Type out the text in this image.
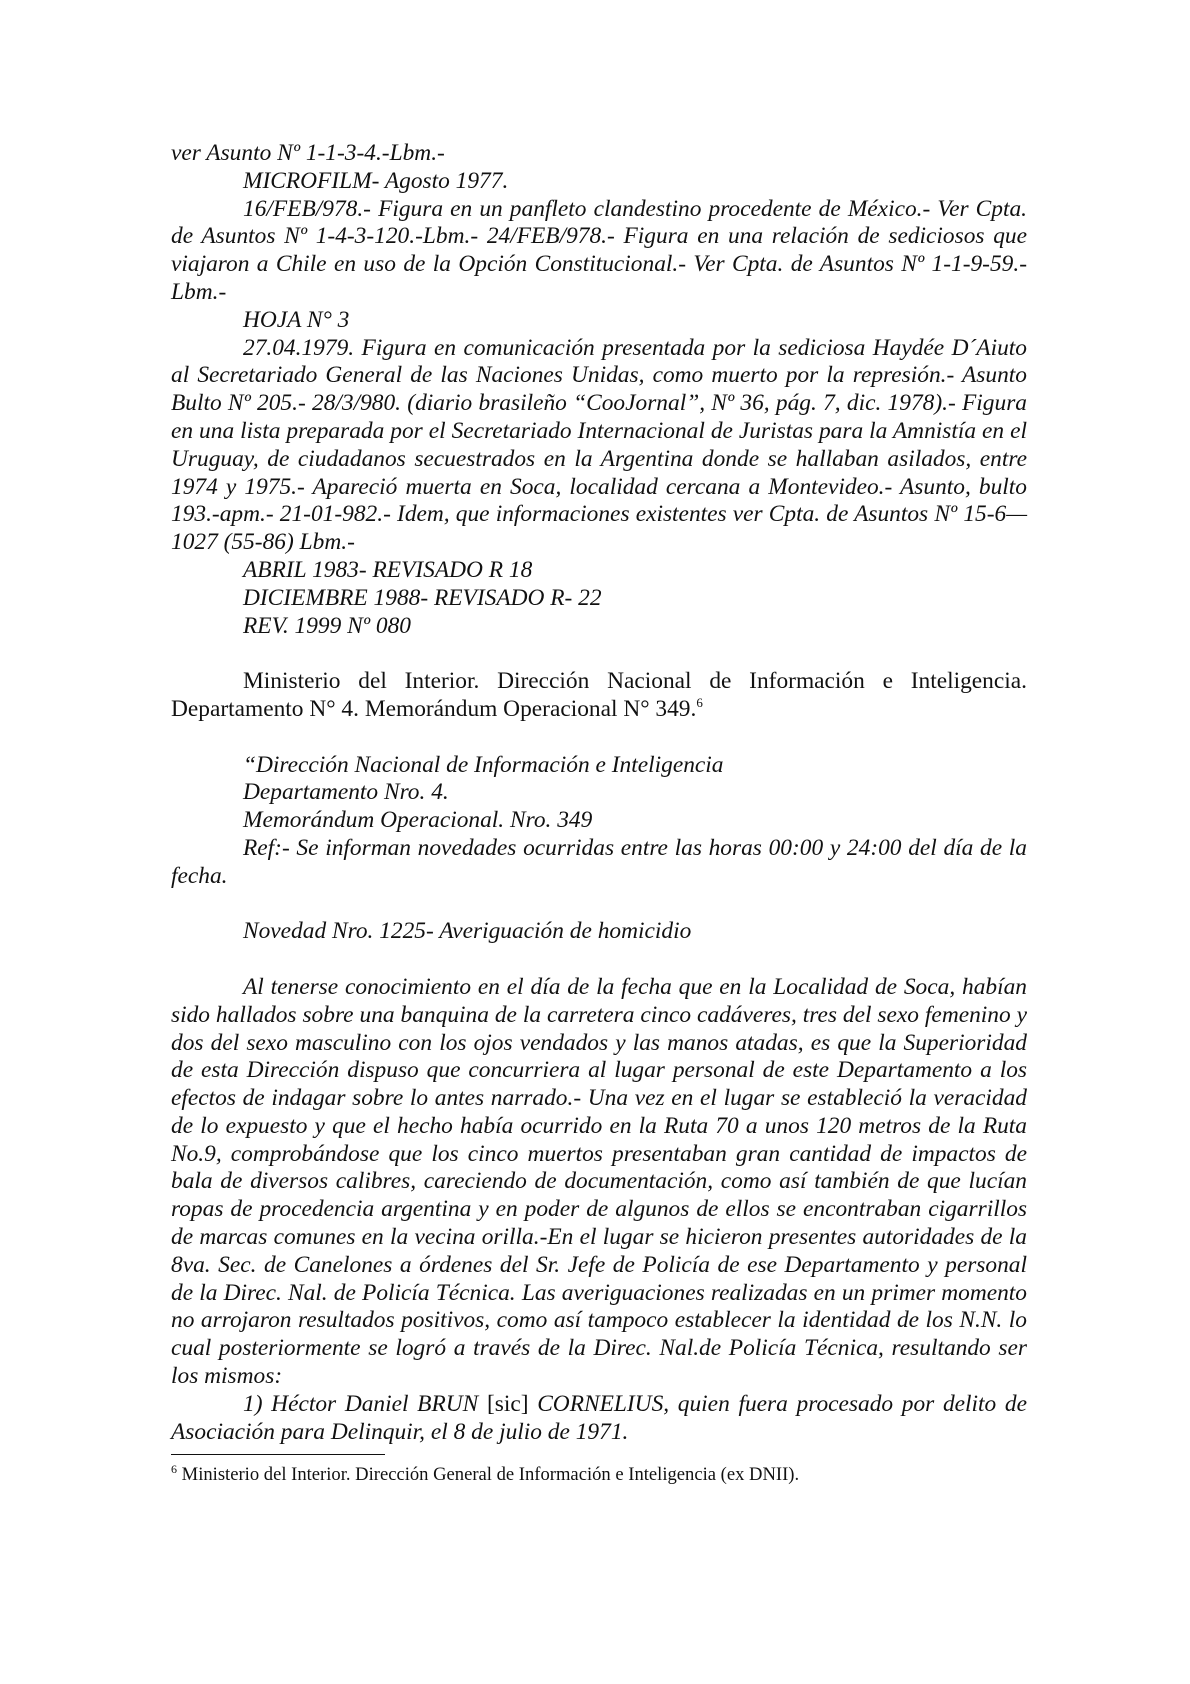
ver Asunto Nº 1-1-3-4.-Lbm.-

MICROFILM- Agosto 1977.

16/FEB/978.- Figura en un panfleto clandestino procedente de México.- Ver Cpta. de Asuntos Nº 1-4-3-120.-Lbm.- 24/FEB/978.- Figura en una relación de sediciosos que viajaron a Chile en uso de la Opción Constitucional.- Ver Cpta. de Asuntos Nº 1-1-9-59.-Lbm.-

HOJA N° 3

27.04.1979. Figura en comunicación presentada por la sediciosa Haydée D´Aiuto al Secretariado General de las Naciones Unidas, como muerto por la represión.- Asunto Bulto Nº 205.- 28/3/980. (diario brasileño “CooJornal”, Nº 36, pág. 7, dic. 1978).- Figura en una lista preparada por el Secretariado Internacional de Juristas para la Amnistía en el Uruguay, de ciudadanos secuestrados en la Argentina donde se hallaban asilados, entre 1974 y 1975.- Apareció muerta en Soca, localidad cercana a Montevideo.- Asunto, bulto 193.-apm.- 21-01-982.- Idem, que informaciones existentes ver Cpta. de Asuntos Nº 15-6—1027 (55-86) Lbm.-

ABRIL 1983- REVISADO R 18

DICIEMBRE 1988- REVISADO R- 22

REV. 1999 Nº 080

Ministerio del Interior. Dirección Nacional de Información e Inteligencia. Departamento N° 4. Memorándum Operacional N° 349.$^6$

“Dirección Nacional de Información e Inteligencia

Departamento Nro. 4.

Memorándum Operacional. Nro. 349

Ref:- Se informan novedades ocurridas entre las horas 00:00 y 24:00 del día de la fecha.

Novedad Nro. 1225- Averiguación de homicidio

Al tenerse conocimiento en el día de la fecha que en la Localidad de Soca, habían sido hallados sobre una banquina de la carretera cinco cadáveres, tres del sexo femenino y dos del sexo masculino con los ojos vendados y las manos atadas, es que la Superioridad de esta Dirección dispuso que concurriera al lugar personal de este Departamento a los efectos de indagar sobre lo antes narrado.- Una vez en el lugar se estableció la veracidad de lo expuesto y que el hecho había ocurrido en la Ruta 70 a unos 120 metros de la Ruta No.9, comprobándose que los cinco muertos presentaban gran cantidad de impactos de bala de diversos calibres, careciendo de documentación, como así también de que lucían ropas de procedencia argentina y en poder de algunos de ellos se encontraban cigarrillos de marcas comunes en la vecina orilla.-En el lugar se hicieron presentes autoridades de la 8va. Sec. de Canelones a órdenes del Sr. Jefe de Policía de ese Departamento y personal de la Direc. Nal. de Policía Técnica. Las averiguaciones realizadas en un primer momento no arrojaron resultados positivos, como así tampoco establecer la identidad de los N.N. lo cual posteriormente se logró a través de la Direc. Nal.de Policía Técnica, resultando ser los mismos:

1) Héctor Daniel BRUN [sic] CORNELIUS, quien fuera procesado por delito de Asociación para Delinquir, el 8 de julio de 1971.

$^6$ Ministerio del Interior. Dirección General de Información e Inteligencia (ex DNII).
